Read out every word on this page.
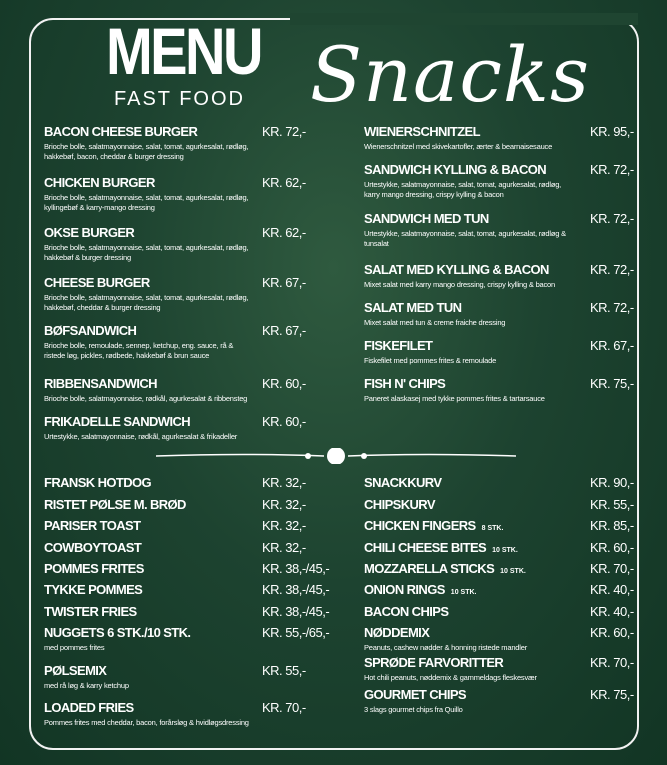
MENU
FAST FOOD Snacks
BACON CHEESE BURGER
Brioche bolle, salatmayonnaise, salat, tomat, agurkesalat, rødløg, hakkebøf, bacon, cheddar & burger dressing
KR. 72,-
CHICKEN BURGER
Brioche bolle, salatmayonnaise, salat, tomat, agurkesalat, rødløg, kyllingebøf & karry-mango dressing
KR. 62,-
OKSE BURGER
Brioche bolle, salatmayonnaise, salat, tomat, agurkesalat, rødløg, hakkebøf & burger dressing
KR. 62,-
CHEESE BURGER
Brioche bolle, salatmayonnaise, salat, tomat, agurkesalat, rødløg, hakkebøf, cheddar & burger dressing
KR. 67,-
BØFSANDWICH
Brioche bolle, remoulade, sennep, ketchup, eng. sauce, rå & ristede løg, pickles, rødbede, hakkebøf & brun sauce
KR. 67,-
RIBBENSANDWICH
Brioche bolle, salatmayonnaise, rødkål, agurkesalat & ribbensteg
KR. 60,-
FRIKADELLE SANDWICH
Urtestykke, salatmayonnaise, rødkål, agurkesalat & frikadeller
KR. 60,-
WIENERSCHNITZEL
Wienerschnitzel med skivekartofler, ærter & bearnaisesauce
KR. 95,-
SANDWICH KYLLING & BACON
Urtestykke, salatmayonnaise, salat, tomat, agurkesalat, rødløg, karry mango dressing, crispy kylling & bacon
KR. 72,-
SANDWICH MED TUN
Urtestykke, salatmayonnaise, salat, tomat, agurkesalat, rødløg & tunsalat
KR. 72,-
SALAT MED KYLLING & BACON
Mixet salat med karry mango dressing, crispy kylling & bacon
KR. 72,-
SALAT MED TUN
Mixet salat med tun & creme fraiche dressing
KR. 72,-
FISKEFILET
Fiskefilet med pommes frites & remoulade
KR. 67,-
FISH N' CHIPS
Paneret alaskasej med tykke pommes frites & tartarsauce
KR. 75,-
FRANSK HOTDOG	KR. 32,-
RISTET PØLSE M. BRØD	KR. 32,-
PARISER TOAST	KR. 32,-
COWBOYTOAST	KR. 32,-
POMMES FRITES	KR. 38,-/45,-
TYKKE POMMES	KR. 38,-/45,-
TWISTER FRIES	KR. 38,-/45,-
NUGGETS 6 STK./10 STK.
med pommes frites
KR. 55,-/65,-
PØLSEMIX
med rå løg & karry ketchup
KR. 55,-
LOADED FRIES
Pommes frites med cheddar, bacon, forårsløg & hvidløgsdressing
KR. 70,-
SNACKKURV	KR. 90,-
CHIPSKURV	KR. 55,-
CHICKEN FINGERS 8 STK.	KR. 85,-
CHILI CHEESE BITES 10 STK.	KR. 60,-
MOZZARELLA STICKS 10 STK.	KR. 70,-
ONION RINGS 10 STK.	KR. 40,-
BACON CHIPS	KR. 40,-
NØDDEMIX
Peanuts, cashew nødder & honning ristede mandler
KR. 60,-
SPRØDE FARVORITTER
Hot chili peanuts, nøddemix & gammeldags fleskesvær
KR. 70,-
GOURMET CHIPS
3 slags gourmet chips fra Quillo
KR. 75,-
